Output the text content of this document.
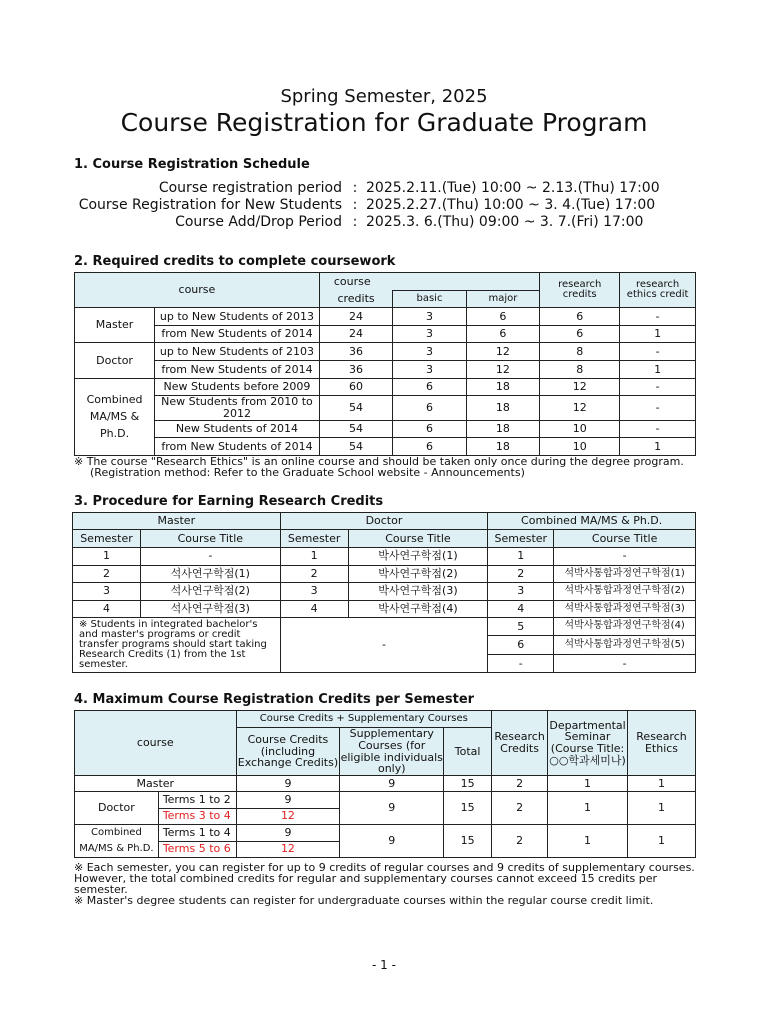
Spring Semester, 2025
Course Registration for Graduate Program
1. Course Registration Schedule
Course registration period : 2025.2.11.(Tue) 10:00 ~ 2.13.(Thu) 17:00
Course Registration for New Students : 2025.2.27.(Thu) 10:00 ~ 3. 4.(Tue) 17:00
Course Add/Drop Period : 2025.3. 6.(Thu) 09:00 ~ 3. 7.(Fri) 17:00
2. Required credits to complete coursework
course		course			research credits	research ethics credit
		credits	basic	major		
Master	up to New Students of 2013	24	3	6	6	-
	from New Students of 2014	24	3	6	6	1
Doctor	up to New Students of 2103	36	3	12	8	-
	from New Students of 2014	36	3	12	8	1
Combined MA/MS & Ph.D.	New Students before 2009	60	6	18	12	-
	New Students from 2010 to 2012	54	6	18	12	-
	New Students of 2014	54	6	18	10	-
	from New Students of 2014	54	6	18	10	1
※ The course "Research Ethics" is an online course and should be taken only once during the degree program.
(Registration method: Refer to the Graduate School website - Announcements)
3. Procedure for Earning Research Credits
Master		Doctor		Combined MA/MS & Ph.D.	
Semester	Course Title	Semester	Course Title	Semester	Course Title
1	-	1	박사연구학점(1)	1	-
2	석사연구학점(1)	2	박사연구학점(2)	2	석박사통합과정연구학점(1)
3	석사연구학점(2)	3	박사연구학점(3)	3	석박사통합과정연구학점(2)
4	석사연구학점(3)	4	박사연구학점(4)	4	석박사통합과정연구학점(3)
※ Students in integrated bachelor's and master's programs or credit transfer programs should start taking Research Credits (1) from the 1st semester.		-		5	석박사통합과정연구학점(4)
				6	석박사통합과정연구학점(5)
				-	-
4. Maximum Course Registration Credits per Semester
course		Course Credits + Supplementary Courses			Research Credits	Departmental Seminar (Course Title: ○○학과세미나)	Research Ethics
		Course Credits (including Exchange Credits)	Supplementary Courses (for eligible individuals only)	Total			
Master		9	9	15	2	1	1
Doctor	Terms 1 to 2	9	9	15	2	1	1
	Terms 3 to 4	12					
Combined MA/MS & Ph.D.	Terms 1 to 4	9	9	15	2	1	1
	Terms 5 to 6	12					
※ Each semester, you can register for up to 9 credits of regular courses and 9 credits of supplementary courses. However, the total combined credits for regular and supplementary courses cannot exceed 15 credits per semester.
※ Master's degree students can register for undergraduate courses within the regular course credit limit.
- 1 -
